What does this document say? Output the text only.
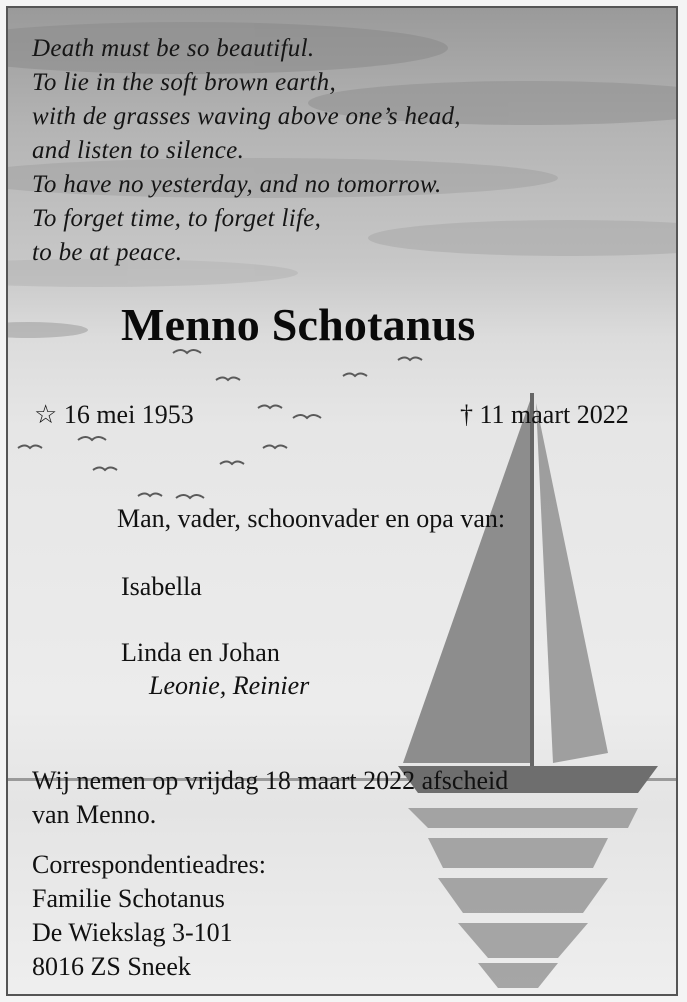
Death must be so beautiful.
To lie in the soft brown earth,
with de grasses waving above one’s head,
and listen to silence.
To have no yesterday, and no tomorrow.
To forget time, to forget life,
to be at peace.
Menno Schotanus
☆ 16 mei 1953	† 11 maart 2022
Man, vader, schoonvader en opa van:
Isabella
Linda en Johan
Leonie, Reinier
Wij nemen op vrijdag 18 maart 2022 afscheid
van Menno.
Correspondentieadres:
Familie Schotanus
De Wiekslag 3-101
8016 ZS Sneek
